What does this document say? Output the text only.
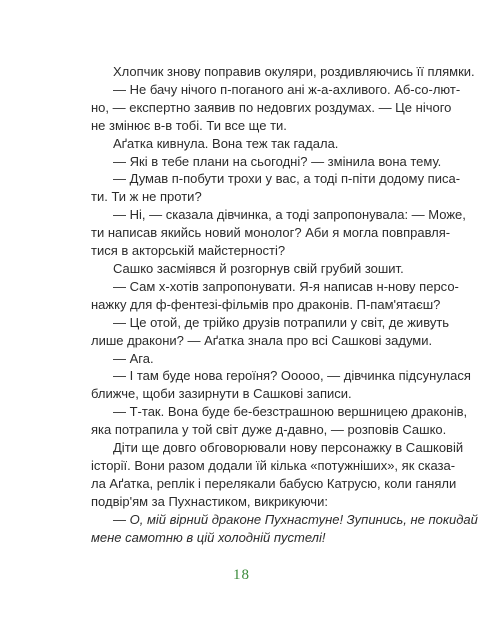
Хлопчик знову поправив окуляри, роздивляючись її плямки.
— Не бачу нічого п-поганого ані ж-а-ахливого. Аб-со-лют-
но, — експертно заявив по недовгих роздумах. — Це нічого
не змінює в-в тобі. Ти все ще ти.
Аґатка кивнула. Вона теж так гадала.
— Які в тебе плани на сьогодні? — змінила вона тему.
— Думав п-побути трохи у вас, а тоді п-піти додому писа-
ти. Ти ж не проти?
— Ні, — сказала дівчинка, а тоді запропонувала: — Може,
ти написав якийсь новий монолог? Аби я могла повправля-
тися в акторській майстерності?
Сашко засміявся й розгорнув свій грубий зошит.
— Сам х-хотів запропонувати. Я-я написав н-нову персо-
нажку для ф-фентезі-фільмів про драконів. П-пам'ятаєш?
— Це отой, де трійко друзів потрапили у світ, де живуть
лише дракони? — Аґатка знала про всі Сашкові задуми.
— Ага.
— І там буде нова героїня? Ооооо, — дівчинка підсунулася
ближче, щоби зазирнути в Сашкові записи.
— Т-так. Вона буде бе-безстрашною вершницею драконів,
яка потрапила у той світ дуже д-давно, — розповів Сашко.
Діти ще довго обговорювали нову персонажку в Сашковій
історії. Вони разом додали їй кілька «потужніших», як сказа-
ла Аґатка, реплік і перелякали бабусю Катрусю, коли ганяли
подвір'ям за Пухнастиком, викрикуючи:
— О, мій вірний драконе Пухнастуне! Зупинись, не покидай
мене самотню в цій холодній пустелі!
18
